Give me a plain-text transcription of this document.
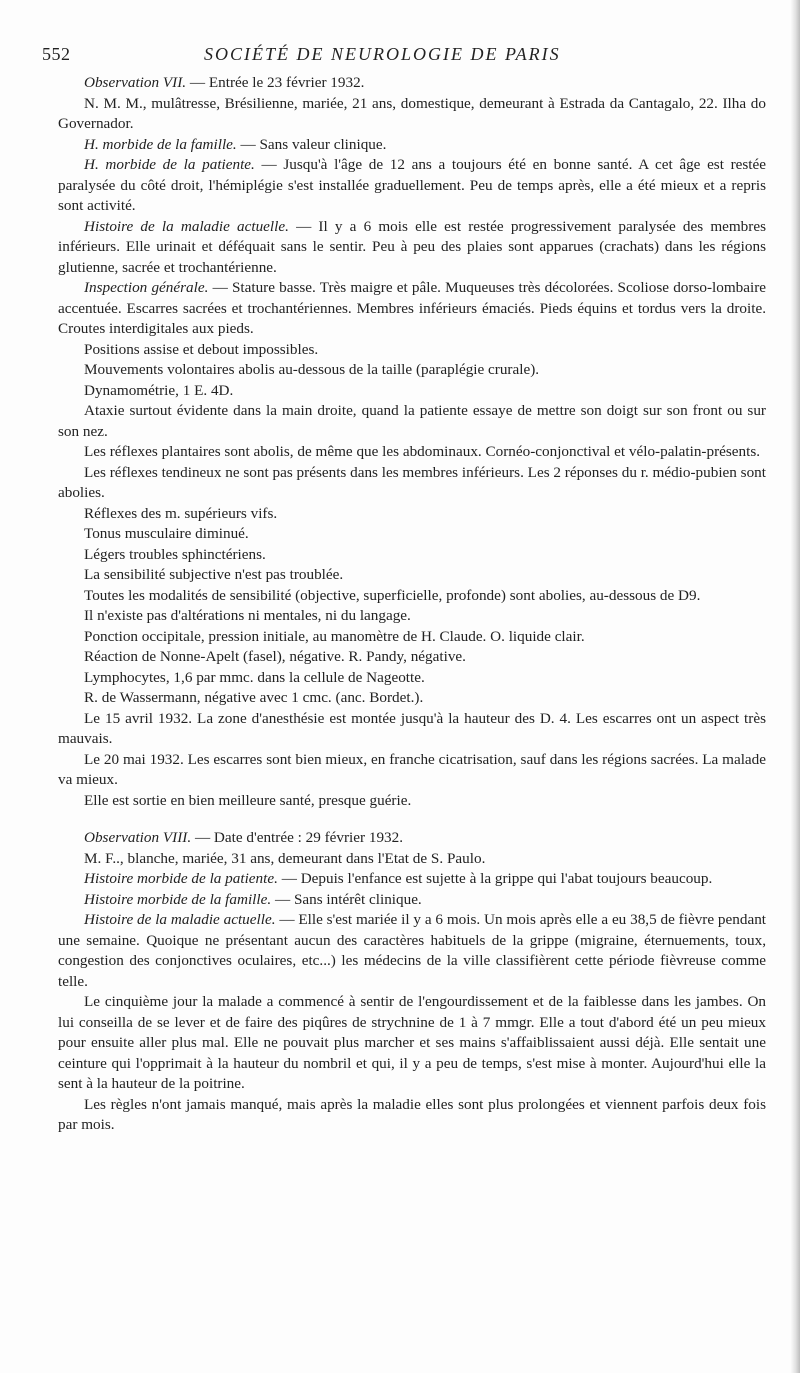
552	SOCIÉTÉ DE NEUROLOGIE DE PARIS

Observation VII. — Entrée le 23 février 1932.

N. M. M., mulâtresse, Brésilienne, mariée, 21 ans, domestique, demeurant à Estrada da Cantagalo, 22. Ilha do Governador.

H. morbide de la famille. — Sans valeur clinique.

H. morbide de la patiente. — Jusqu'à l'âge de 12 ans a toujours été en bonne santé. A cet âge est restée paralysée du côté droit, l'hémiplégie s'est installée graduellement. Peu de temps après, elle a été mieux et a repris sont activité.

Histoire de la maladie actuelle. — Il y a 6 mois elle est restée progressivement paralysée des membres inférieurs. Elle urinait et déféquait sans le sentir. Peu à peu des plaies sont apparues (crachats) dans les régions glutienne, sacrée et trochantérienne.

Inspection générale. — Stature basse. Très maigre et pâle. Muqueuses très décolorées. Scoliose dorso-lombaire accentuée. Escarres sacrées et trochantériennes. Membres inférieurs émaciés. Pieds équins et tordus vers la droite. Croutes interdigitales aux pieds.

Positions assise et debout impossibles.

Mouvements volontaires abolis au-dessous de la taille (paraplégie crurale).

Dynamométrie, 1 E. 4D.

Ataxie surtout évidente dans la main droite, quand la patiente essaye de mettre son doigt sur son front ou sur son nez.

Les réflexes plantaires sont abolis, de même que les abdominaux. Cornéo-conjonctival et vélo-palatin-présents.

Les réflexes tendineux ne sont pas présents dans les membres inférieurs. Les 2 réponses du r. médio-pubien sont abolies.

Réflexes des m. supérieurs vifs.

Tonus musculaire diminué.

Légers troubles sphinctériens.

La sensibilité subjective n'est pas troublée.

Toutes les modalités de sensibilité (objective, superficielle, profonde) sont abolies, au-dessous de D9.

Il n'existe pas d'altérations ni mentales, ni du langage.

Ponction occipitale, pression initiale, au manomètre de H. Claude. O. liquide clair.

Réaction de Nonne-Apelt (fasel), négative. R. Pandy, négative.

Lymphocytes, 1,6 par mmc. dans la cellule de Nageotte.

R. de Wassermann, négative avec 1 cmc. (anc. Bordet.).

Le 15 avril 1932. La zone d'anesthésie est montée jusqu'à la hauteur des D. 4. Les escarres ont un aspect très mauvais.

Le 20 mai 1932. Les escarres sont bien mieux, en franche cicatrisation, sauf dans les régions sacrées. La malade va mieux.

Elle est sortie en bien meilleure santé, presque guérie.

Observation VIII. — Date d'entrée : 29 février 1932.

M. F.., blanche, mariée, 31 ans, demeurant dans l'Etat de S. Paulo.

Histoire morbide de la patiente. — Depuis l'enfance est sujette à la grippe qui l'abat toujours beaucoup.

Histoire morbide de la famille. — Sans intérêt clinique.

Histoire de la maladie actuelle. — Elle s'est mariée il y a 6 mois. Un mois après elle a eu 38,5 de fièvre pendant une semaine. Quoique ne présentant aucun des caractères habituels de la grippe (migraine, éternuements, toux, congestion des conjonctives oculaires, etc...) les médecins de la ville classifièrent cette période fièvreuse comme telle.

Le cinquième jour la malade a commencé à sentir de l'engourdissement et de la faiblesse dans les jambes. On lui conseilla de se lever et de faire des piqûres de strychnine de 1 à 7 mmgr. Elle a tout d'abord été un peu mieux pour ensuite aller plus mal. Elle ne pouvait plus marcher et ses mains s'affaiblissaient aussi déjà. Elle sentait une ceinture qui l'opprimait à la hauteur du nombril et qui, il y a peu de temps, s'est mise à monter. Aujourd'hui elle la sent à la hauteur de la poitrine.

Les règles n'ont jamais manqué, mais après la maladie elles sont plus prolongées et viennent parfois deux fois par mois.
